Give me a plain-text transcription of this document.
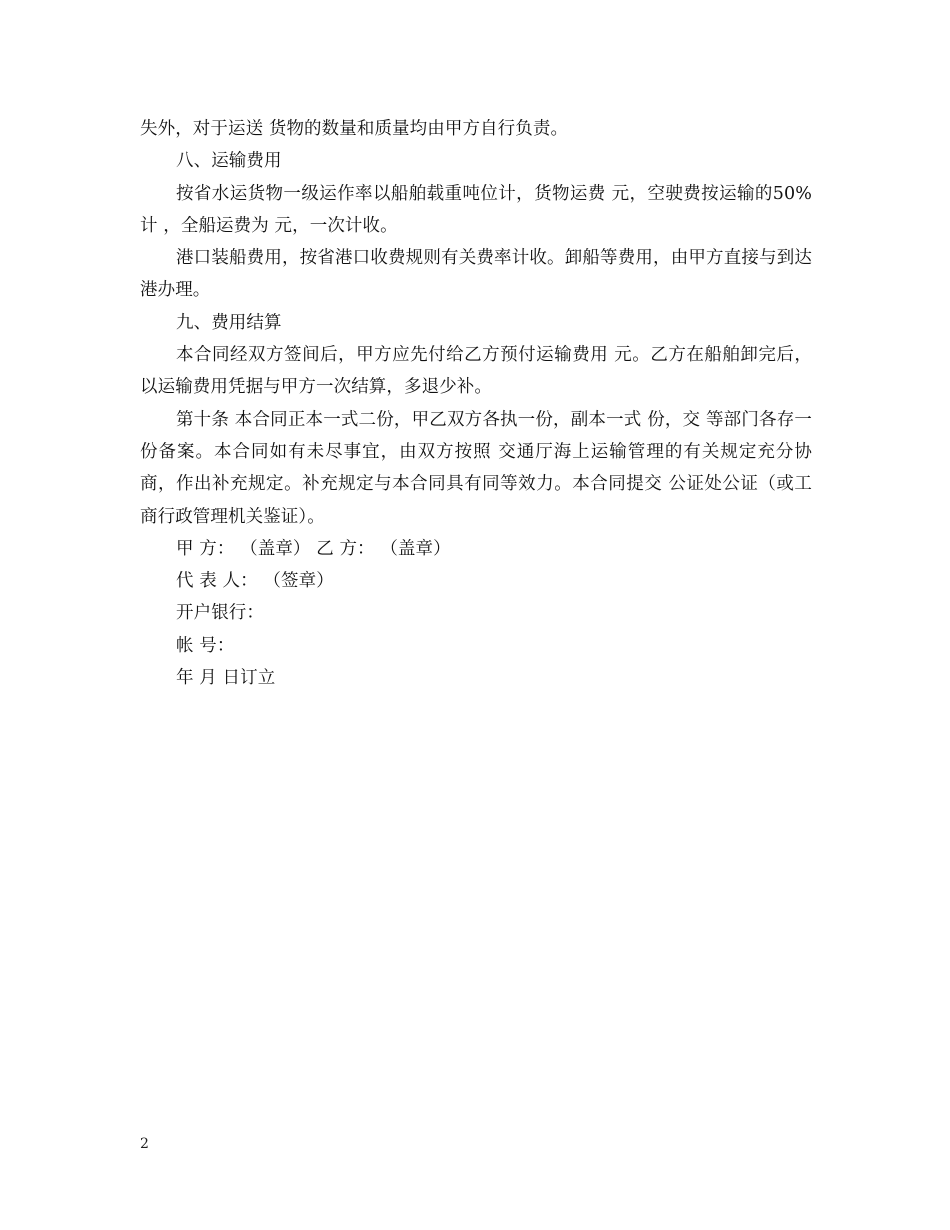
失外，对于运送 货物的数量和质量均由甲方自行负责。

八、运输费用

按省水运货物一级运作率以船舶载重吨位计，货物运费 元，空驶费按运输的50%计 ，全船运费为 元，一次计收。

港口装船费用，按省港口收费规则有关费率计收。卸船等费用，由甲方直接与到达港办理。

九、费用结算

本合同经双方签间后，甲方应先付给乙方预付运输费用 元。乙方在船舶卸完后，以运输费用凭据与甲方一次结算，多退少补。

第十条 本合同正本一式二份，甲乙双方各执一份，副本一式 份，交 等部门各存一份备案。本合同如有未尽事宜，由双方按照 交通厅海上运输管理的有关规定充分协商，作出补充规定。补充规定与本合同具有同等效力。本合同提交 公证处公证（或工商行政管理机关鉴证）。

甲 方： （盖章） 乙 方： （盖章）

代 表 人： （签章）

开户银行：

帐 号：

年 月 日订立

2
